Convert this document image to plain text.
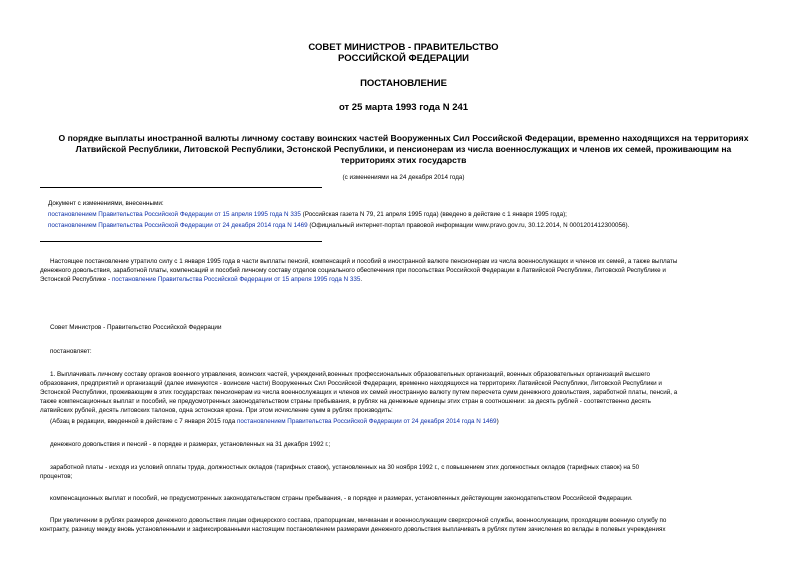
СОВЕТ МИНИСТРОВ - ПРАВИТЕЛЬСТВО
РОССИЙСКОЙ ФЕДЕРАЦИИ
ПОСТАНОВЛЕНИЕ
от 25 марта 1993 года N 241
О порядке выплаты иностранной валюты личному составу воинских частей Вооруженных Сил Российской Федерации, временно находящихся на территориях
Латвийской Республики, Литовской Республики, Эстонской Республики, и пенсионерам из числа военнослужащих и членов их семей, проживающим на
территориях этих государств
(с изменениями на 24 декабря 2014 года)
Документ с изменениями, внесенными:
постановлением Правительства Российской Федерации от 15 апреля 1995 года N 335 (Российская газета N 79, 21 апреля 1995 года) (введено в действие с 1 января 1995 года);
постановлением Правительства Российской Федерации от 24 декабря 2014 года N 1469 (Официальный интернет-портал правовой информации www.pravo.gov.ru, 30.12.2014, N 0001201412300056).
Настоящее постановление утратило силу с 1 января 1995 года в части выплаты пенсий, компенсаций и пособий в иностранной валюте пенсионерам из числа военнослужащих и членов их семей, а также выплаты
денежного довольствия, заработной платы, компенсаций и пособий личному составу отделов социального обеспечения при посольствах Российской Федерации в Латвийской Республике, Литовской Республике и
Эстонской Республике - постановление Правительства Российской Федерации от 15 апреля 1995 года N 335.
Совет Министров - Правительство Российской Федерации
постановляет:
1. Выплачивать личному составу органов военного управления, воинских частей, учреждений,военных профессиональных образовательных организаций, военных образовательных организаций высшего
образования, предприятий и организаций (далее именуются - воинские части) Вооруженных Сил Российской Федерации, временно находящихся на территориях Латвийской Республики, Литовской Республики и
Эстонской Республики, проживающим в этих государствах пенсионерам из числа военнослужащих и членов их семей иностранную валюту путем пересчета сумм денежного довольствия, заработной платы, пенсий, а
также компенсационных выплат и пособий, не предусмотренных законодательством страны пребывания, в рублях на денежные единицы этих стран в соотношении: за десять рублей - соответственно десять
латвийских рублей, десять литовских талонов, одна эстонская крона. При этом исчисление сумм в рублях производить:
(Абзац в редакции, введенной в действие с 7 января 2015 года постановлением Правительства Российской Федерации от 24 декабря 2014 года N 1469)
денежного довольствия и пенсий - в порядке и размерах, установленных на 31 декабря 1992 г.;
заработной платы - исходя из условий оплаты труда, должностных окладов (тарифных ставок), установленных на 30 ноября 1992 г., с повышением этих должностных окладов (тарифных ставок) на 50
процентов;
компенсационных выплат и пособий, не предусмотренных законодательством страны пребывания, - в порядке и размерах, установленных действующим законодательством Российской Федерации.
При увеличении в рублях размеров денежного довольствия лицам офицерского состава, прапорщикам, мичманам и военнослужащим сверхсрочной службы, военнослужащим, проходящим военную службу по
контракту, разницу между вновь установленными и зафиксированными настоящим постановлением размерами денежного довольствия выплачивать в рублях путем зачисления во вклады в полевых учреждениях
